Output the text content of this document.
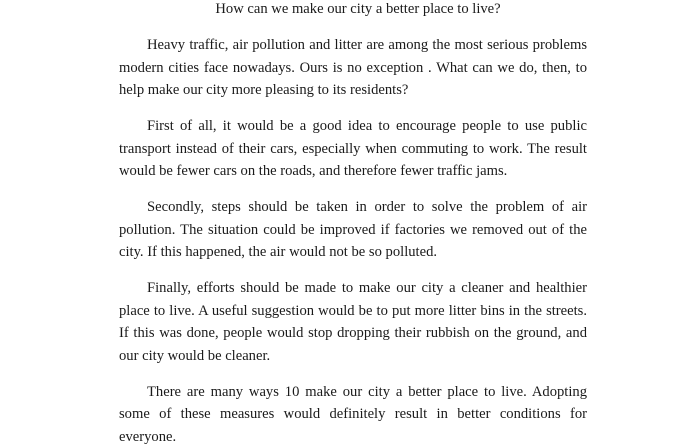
How can we make our city a better place to live?

Heavy traffic, air pollution and litter are among the most serious problems modern cities face nowadays. Ours is no exception . What can we do, then, to help make our city more pleasing to its residents?

First of all, it would be a good idea to encourage people to use public transport instead of their cars, especially when commuting to work. The result would be fewer cars on the roads, and therefore fewer traffic jams.

Secondly, steps should be taken in order to solve the problem of air pollution. The situation could be improved if factories we removed out of the city. If this happened, the air would not be so polluted.

Finally, efforts should be made to make our city a cleaner and healthier place to live. A useful suggestion would be to put more litter bins in the streets. If this was done, people would stop dropping their rubbish on the ground, and our city would be cleaner.

There are many ways 10 make our city a better place to live. Adopting some of these measures would definitely result in better conditions for everyone.
